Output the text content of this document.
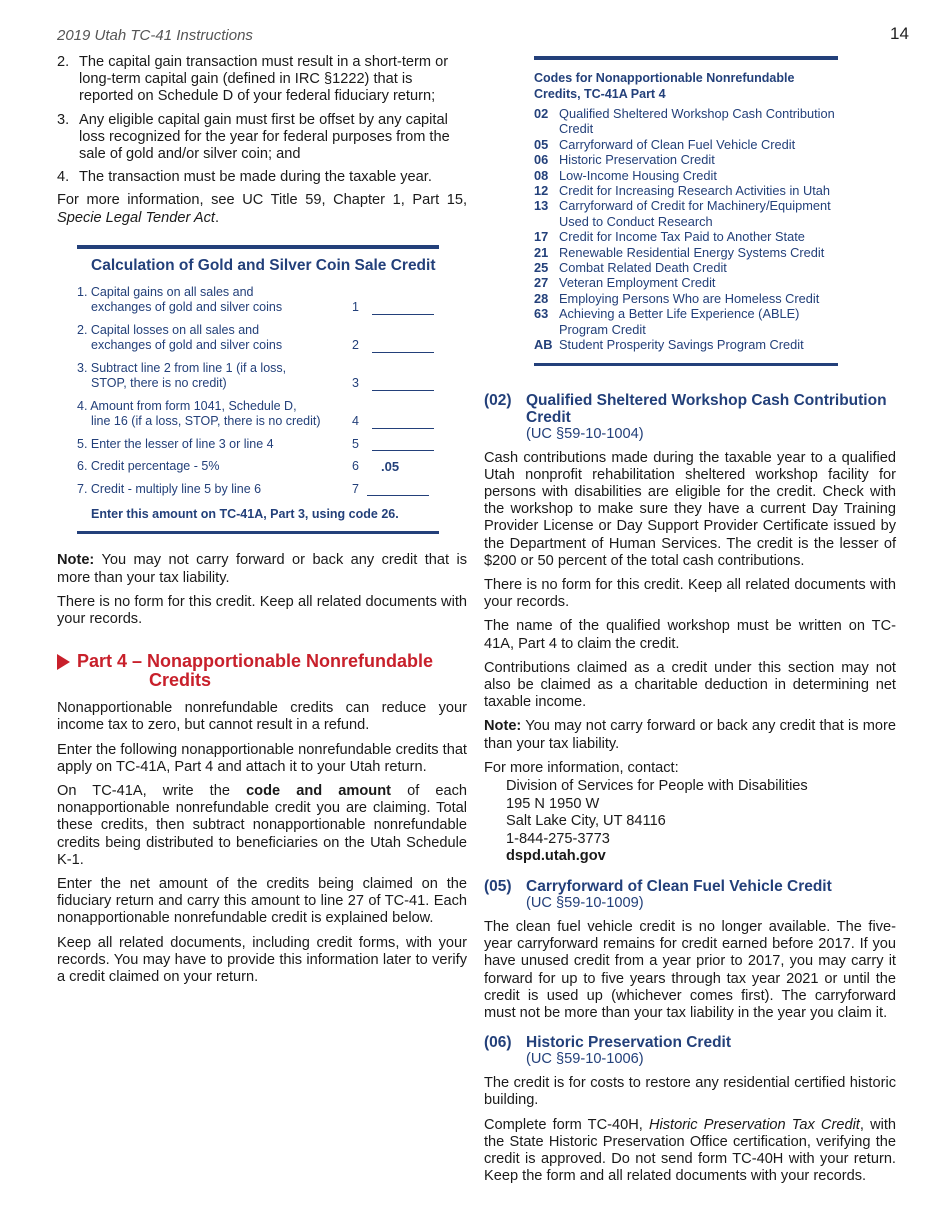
2019 Utah TC-41 Instructions	14
2. The capital gain transaction must result in a short-term or long-term capital gain (defined in IRC §1222) that is reported on Schedule D of your federal fiduciary return;
3. Any eligible capital gain must first be offset by any capital loss recognized for the year for federal purposes from the sale of gold and/or silver coin; and
4. The transaction must be made during the taxable year.

For more information, see UC Title 59, Chapter 1, Part 15, Specie Legal Tender Act.

Calculation of Gold and Silver Coin Sale Credit
1. Capital gains on all sales and
exchanges of gold and silver coins	1
2. Capital losses on all sales and
exchanges of gold and silver coins	2
3. Subtract line 2 from line 1 (if a loss,
STOP, there is no credit)	3
4. Amount from form 1041, Schedule D,
line 16 (if a loss, STOP, there is no credit)	4
5. Enter the lesser of line 3 or line 4	5
6. Credit percentage - 5%	6 .05
7. Credit - multiply line 5 by line 6	7
Enter this amount on TC-41A, Part 3, using code 26.

Note: You may not carry forward or back any credit that is more than your tax liability.

There is no form for this credit. Keep all related documents with your records.

Part 4 – Nonapportionable Nonrefundable
Credits

Nonapportionable nonrefundable credits can reduce your income tax to zero, but cannot result in a refund.

Enter the following nonapportionable nonrefundable credits that apply on TC-41A, Part 4 and attach it to your Utah return.

On TC-41A, write the code and amount of each nonapportionable nonrefundable credit you are claiming. Total these credits, then subtract nonapportionable nonrefundable credits being distributed to beneficiaries on the Utah Schedule K-1.

Enter the net amount of the credits being claimed on the fiduciary return and carry this amount to line 27 of TC-41. Each nonapportionable nonrefundable credit is explained below.

Keep all related documents, including credit forms, with your records. You may have to provide this information later to verify a credit claimed on your return.

Codes for Nonapportionable Nonrefundable Credits, TC-41A Part 4
02 Qualified Sheltered Workshop Cash Contribution Credit
05 Carryforward of Clean Fuel Vehicle Credit
06 Historic Preservation Credit
08 Low-Income Housing Credit
12 Credit for Increasing Research Activities in Utah
13 Carryforward of Credit for Machinery/Equipment Used to Conduct Research
17 Credit for Income Tax Paid to Another State
21 Renewable Residential Energy Systems Credit
25 Combat Related Death Credit
27 Veteran Employment Credit
28 Employing Persons Who are Homeless Credit
63 Achieving a Better Life Experience (ABLE) Program Credit
AB Student Prosperity Savings Program Credit
(02) Qualified Sheltered Workshop Cash Contribution Credit
(UC §59-10-1004)

Cash contributions made during the taxable year to a qualified Utah nonprofit rehabilitation sheltered workshop facility for persons with disabilities are eligible for the credit. Check with the workshop to make sure they have a current Day Training Provider License or Day Support Provider Certificate issued by the Department of Human Services. The credit is the lesser of $200 or 50 percent of the total cash contributions.

There is no form for this credit. Keep all related documents with your records.

The name of the qualified workshop must be written on TC-41A, Part 4 to claim the credit.

Contributions claimed as a credit under this section may not also be claimed as a charitable deduction in determining net taxable income.

Note: You may not carry forward or back any credit that is more than your tax liability.

For more information, contact:

Division of Services for People with Disabilities
195 N 1950 W
Salt Lake City, UT 84116
1-844-275-3773
dspd.utah.gov
(05) Carryforward of Clean Fuel Vehicle Credit
(UC §59-10-1009)

The clean fuel vehicle credit is no longer available. The five-year carryforward remains for credit earned before 2017. If you have unused credit from a year prior to 2017, you may carry it forward for up to five years through tax year 2021 or until the credit is used up (whichever comes first). The carryforward must not be more than your tax liability in the year you claim it.

(06) Historic Preservation Credit
(UC §59-10-1006)

The credit is for costs to restore any residential certified historic building.

Complete form TC-40H, Historic Preservation Tax Credit, with the State Historic Preservation Office certification, verifying the credit is approved. Do not send form TC-40H with your return. Keep the form and all related documents with your records.
